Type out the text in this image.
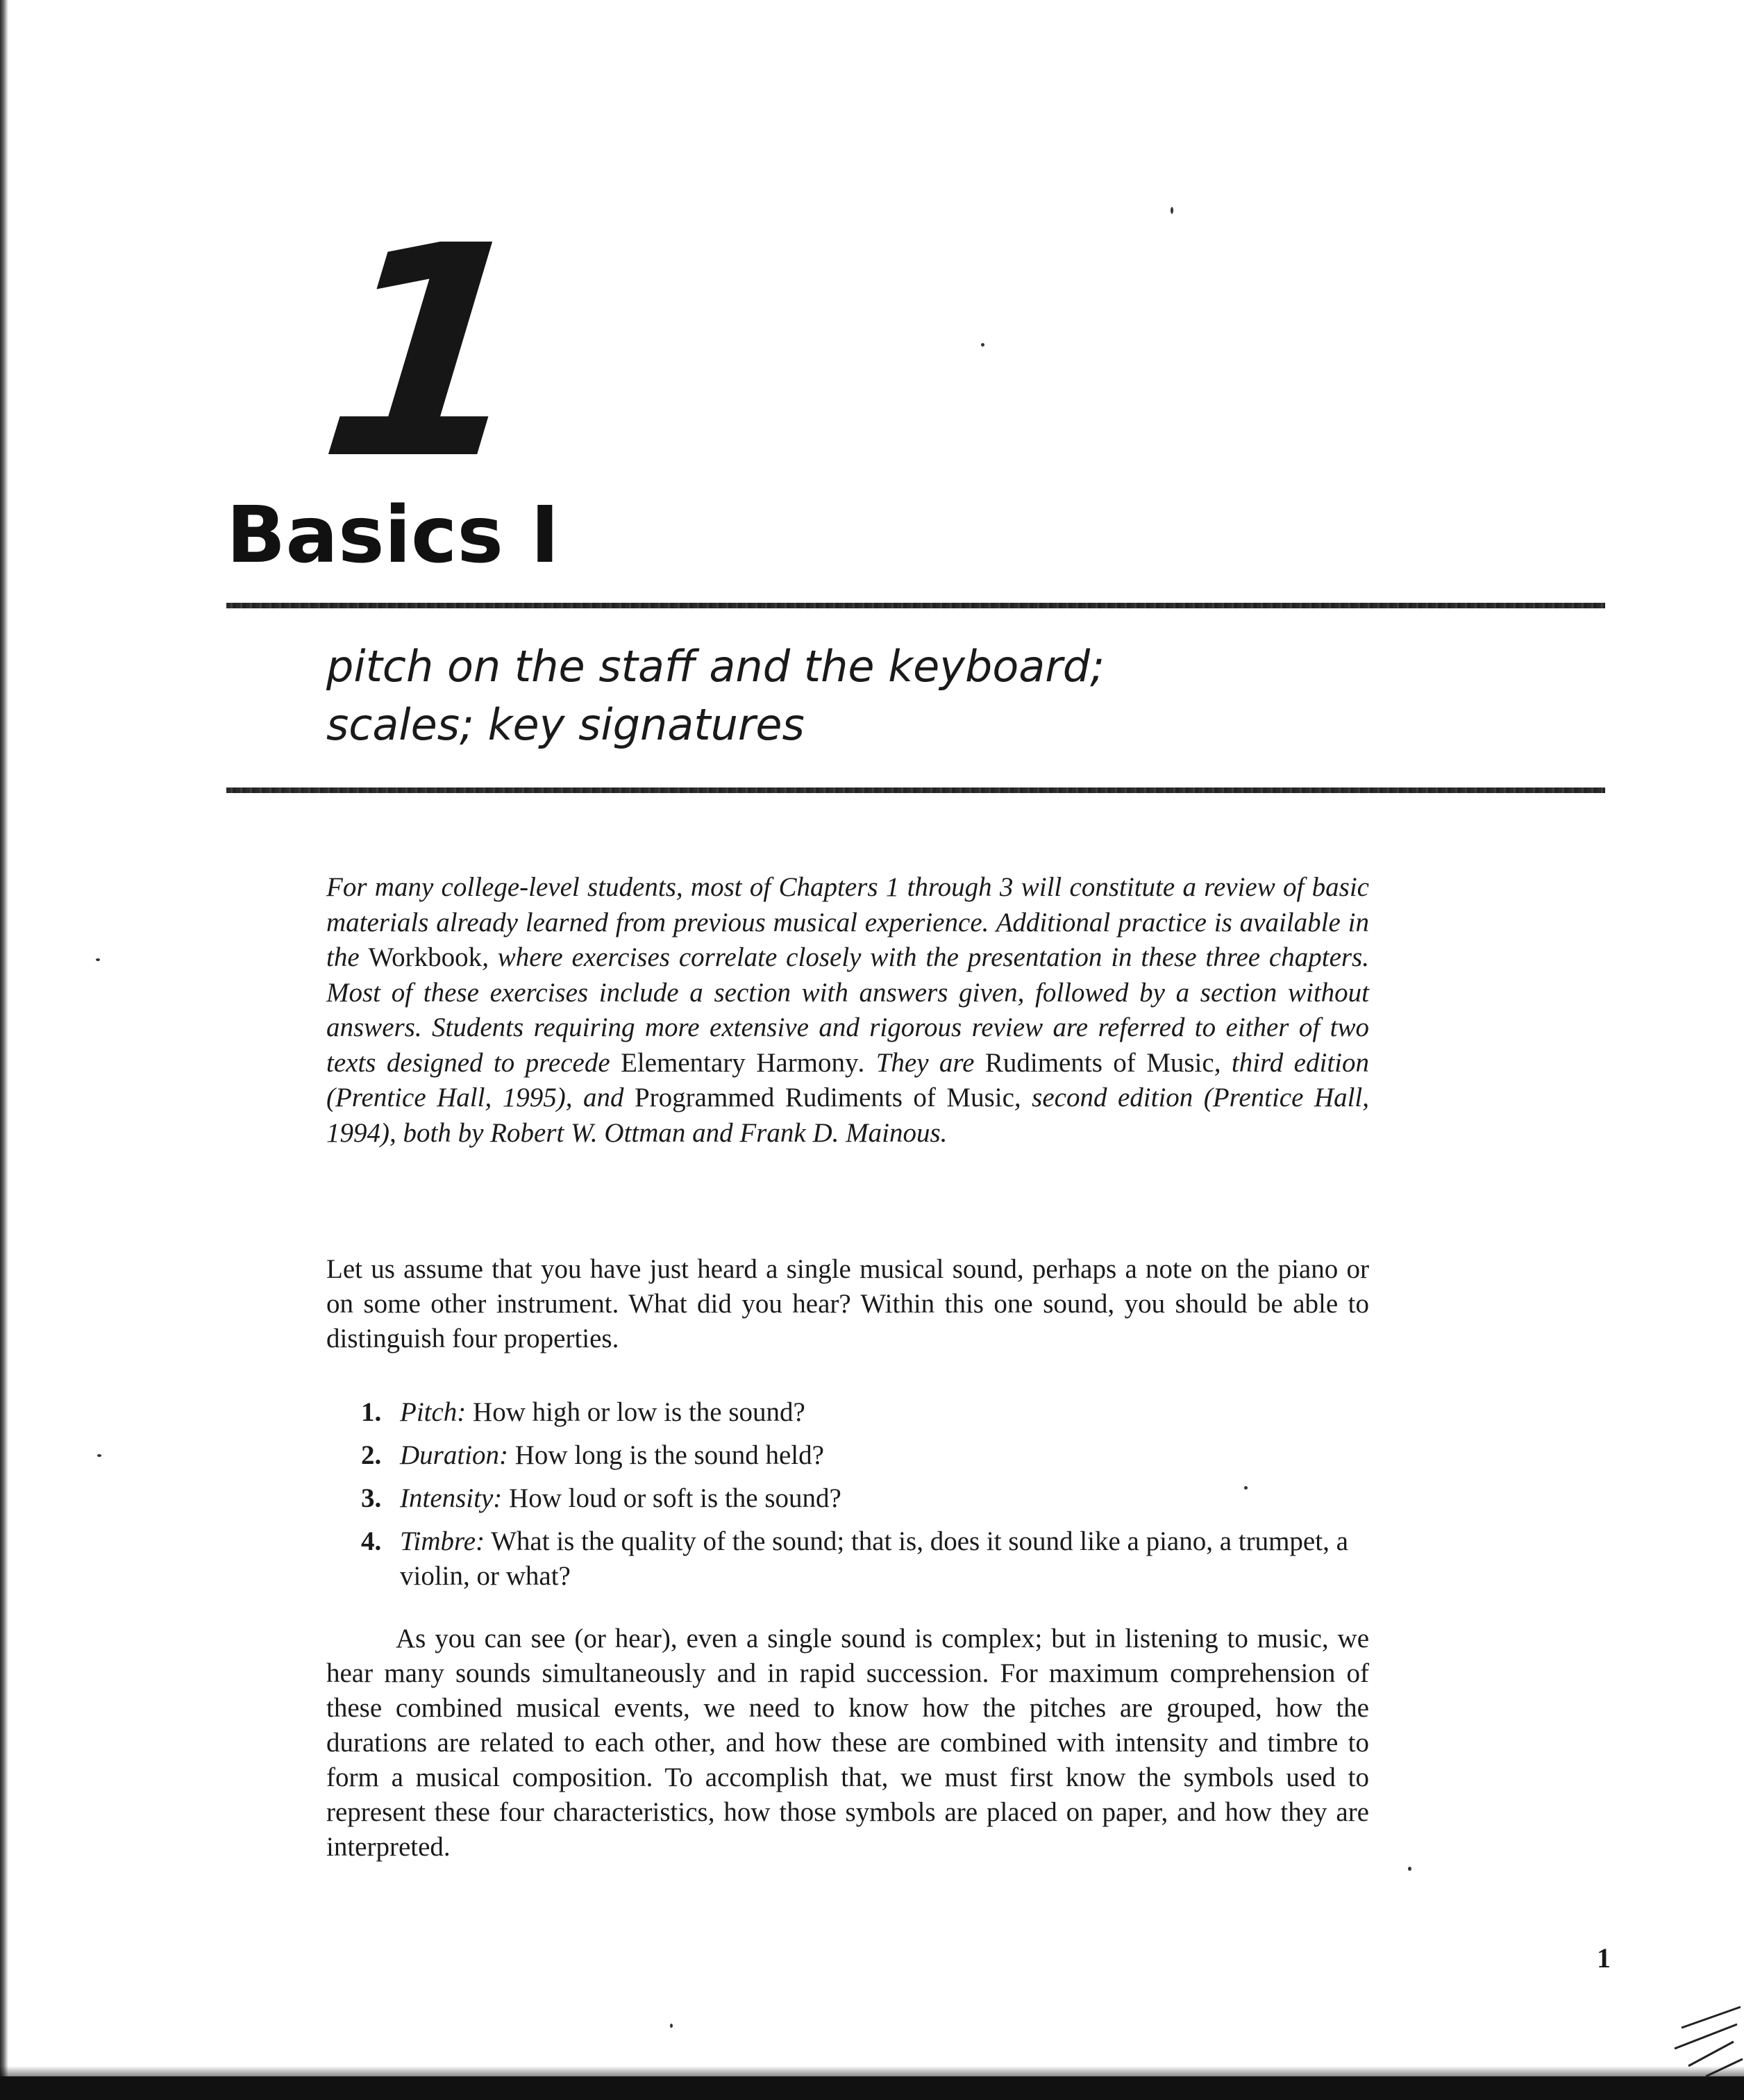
1
Basics I
pitch on the staff and the keyboard;
scales; key signatures
For many college-level students, most of Chapters 1 through 3 will constitute a review of basic materials already learned from previous musical experience. Additional practice is available in the Workbook, where exercises correlate closely with the presentation in these three chapters. Most of these exercises include a section with answers given, followed by a section without answers. Students requiring more extensive and rigorous review are referred to either of two texts designed to precede Elementary Harmony. They are Rudiments of Music, third edition (Prentice Hall, 1995), and Programmed Rudiments of Music, second edition (Prentice Hall, 1994), both by Robert W. Ottman and Frank D. Mainous.

Let us assume that you have just heard a single musical sound, perhaps a note on the piano or on some other instrument. What did you hear? Within this one sound, you should be able to distinguish four properties.

1. Pitch: How high or low is the sound?
2. Duration: How long is the sound held?
3. Intensity: How loud or soft is the sound?
4. Timbre: What is the quality of the sound; that is, does it sound like a piano, a trumpet, a violin, or what?

As you can see (or hear), even a single sound is complex; but in listening to music, we hear many sounds simultaneously and in rapid succession. For maximum comprehension of these combined musical events, we need to know how the pitches are grouped, how the durations are related to each other, and how these are combined with intensity and timbre to form a musical composition. To accomplish that, we must first know the symbols used to represent these four characteristics, how those symbols are placed on paper, and how they are interpreted.

1
